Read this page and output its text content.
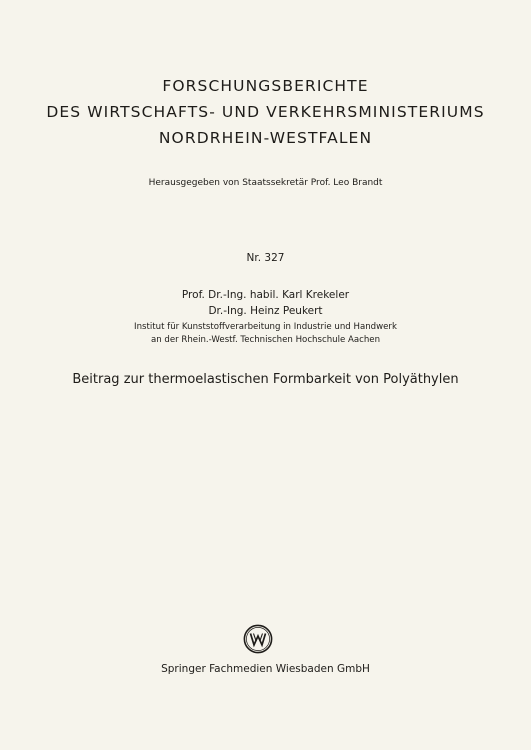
FORSCHUNGSBERICHTE
DES WIRTSCHAFTS- UND VERKEHRSMINISTERIUMS
NORDRHEIN-WESTFALEN
Herausgegeben von Staatssekretär Prof. Leo Brandt
Nr. 327
Prof. Dr.-Ing. habil. Karl Krekeler
Dr.-Ing. Heinz Peukert
Institut für Kunststoffverarbeitung in Industrie und Handwerk
an der Rhein.-Westf. Technischen Hochschule Aachen
Beitrag zur thermoelastischen Formbarkeit von Polyäthylen
Springer Fachmedien Wiesbaden GmbH
